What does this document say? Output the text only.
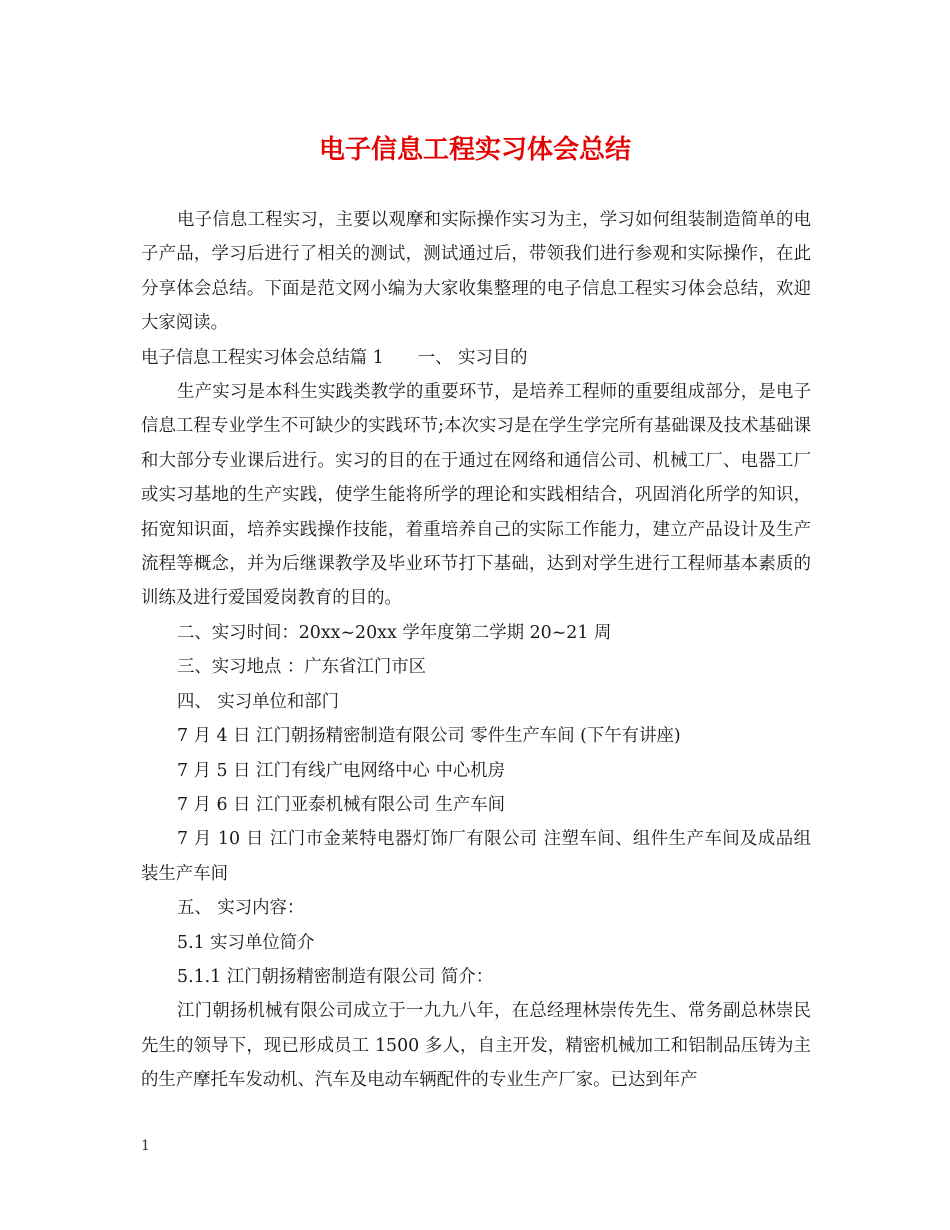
电子信息工程实习体会总结

电子信息工程实习，主要以观摩和实际操作实习为主，学习如何组装制造简单的电子产品，学习后进行了相关的测试，测试通过后，带领我们进行参观和实际操作，在此分享体会总结。下面是范文网小编为大家收集整理的电子信息工程实习体会总结，欢迎大家阅读。

电子信息工程实习体会总结篇 1 一、 实习目的

生产实习是本科生实践类教学的重要环节，是培养工程师的重要组成部分，是电子信息工程专业学生不可缺少的实践环节;本次实习是在学生学完所有基础课及技术基础课和大部分专业课后进行。实习的目的在于通过在网络和通信公司、机械工厂、电器工厂或实习基地的生产实践，使学生能将所学的理论和实践相结合，巩固消化所学的知识，拓宽知识面，培养实践操作技能，着重培养自己的实际工作能力，建立产品设计及生产流程等概念，并为后继课教学及毕业环节打下基础，达到对学生进行工程师基本素质的训练及进行爱国爱岗教育的目的。

二、实习时间：20xx~20xx 学年度第二学期 20~21 周

三、实习地点 ：广东省江门市区

四、 实习单位和部门

7 月 4 日 江门朝扬精密制造有限公司 零件生产车间 (下午有讲座)

7 月 5 日 江门有线广电网络中心 中心机房

7 月 6 日 江门亚泰机械有限公司 生产车间

7 月 10 日 江门市金莱特电器灯饰厂有限公司 注塑车间、组件生产车间及成品组装生产车间

五、 实习内容：

5.1 实习单位简介

5.1.1 江门朝扬精密制造有限公司 简介：

江门朝扬机械有限公司成立于一九九八年，在总经理林崇传先生、常务副总林崇民先生的领导下，现已形成员工 1500 多人，自主开发，精密机械加工和铝制品压铸为主的生产摩托车发动机、汽车及电动车辆配件的专业生产厂家。已达到年产

1
